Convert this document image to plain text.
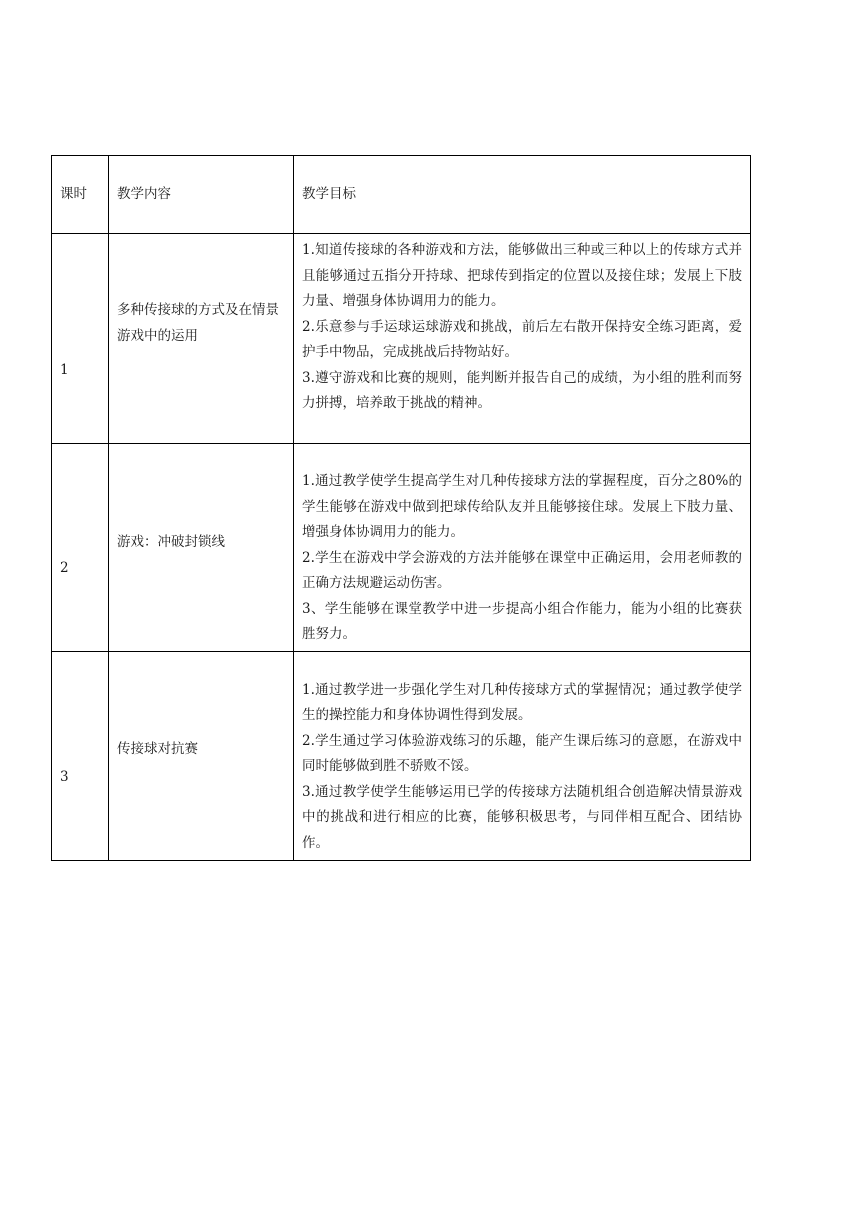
课时	教学内容	教学目标

1	多种传接球的方式及在情景游戏中的运用	1.知道传接球的各种游戏和方法，能够做出三种或三种以上的传球方式并且能够通过五指分开持球、把球传到指定的位置以及接住球；发展上下肢力量、增强身体协调用力的能力。
2.乐意参与手运球运球游戏和挑战，前后左右散开保持安全练习距离，爱护手中物品，完成挑战后持物站好。
3.遵守游戏和比赛的规则，能判断并报告自己的成绩，为小组的胜利而努力拼搏，培养敢于挑战的精神。

2	游戏：冲破封锁线	1.通过教学使学生提高学生对几种传接球方法的掌握程度，百分之80%的学生能够在游戏中做到把球传给队友并且能够接住球。发展上下肢力量、增强身体协调用力的能力。
2.学生在游戏中学会游戏的方法并能够在课堂中正确运用，会用老师教的正确方法规避运动伤害。
3、学生能够在课堂教学中进一步提高小组合作能力，能为小组的比赛获胜努力。

3	传接球对抗赛	1.通过教学进一步强化学生对几种传接球方式的掌握情况；通过教学使学生的操控能力和身体协调性得到发展。
2.学生通过学习体验游戏练习的乐趣，能产生课后练习的意愿，在游戏中同时能够做到胜不骄败不馁。
3.通过教学使学生能够运用已学的传接球方法随机组合创造解决情景游戏中的挑战和进行相应的比赛，能够积极思考，与同伴相互配合、团结协作。
